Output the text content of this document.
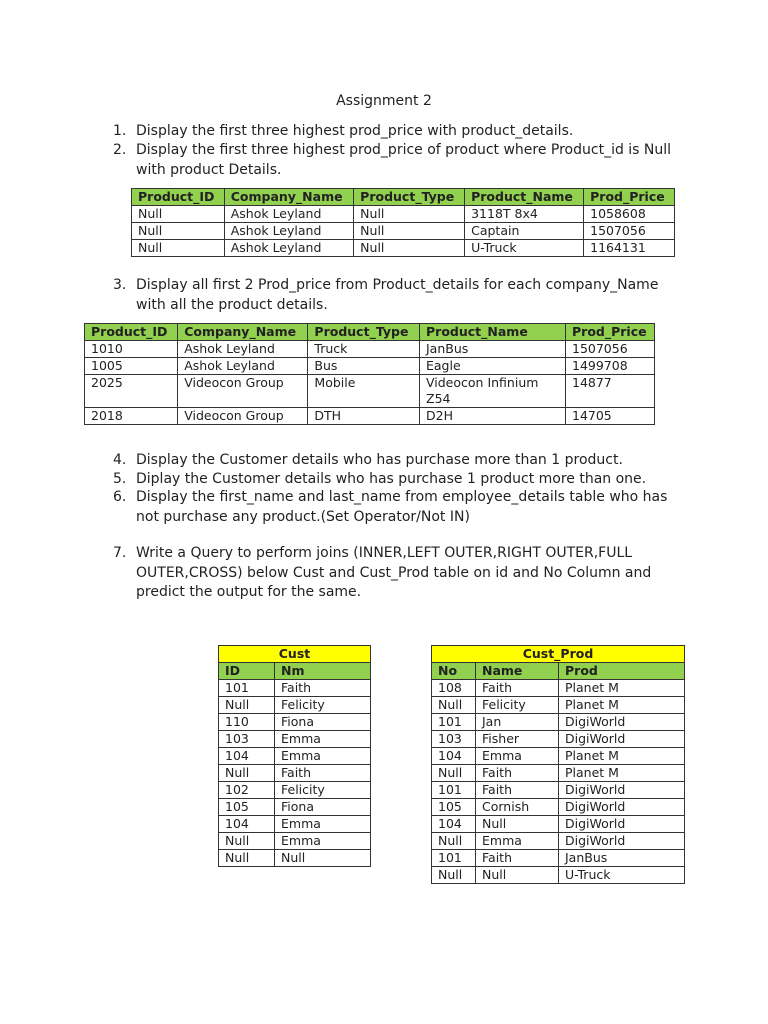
Assignment 2
1. Display the first three highest prod_price with product_details.
2. Display the first three highest prod_price of product where Product_id is Null with product Details.
Product_ID	Company_Name	Product_Type	Product_Name	Prod_Price
Null	Ashok Leyland	Null	3118T 8x4	1058608
Null	Ashok Leyland	Null	Captain	1507056
Null	Ashok Leyland	Null	U-Truck	1164131
3. Display all first 2 Prod_price from Product_details for each company_Name with all the product details.
Product_ID	Company_Name	Product_Type	Product_Name	Prod_Price
1010	Ashok Leyland	Truck	JanBus	1507056
1005	Ashok Leyland	Bus	Eagle	1499708
2025	Videocon Group	Mobile	Videocon Infinium Z54	14877
2018	Videocon Group	DTH	D2H	14705
4. Display the Customer details who has purchase more than 1 product.
5. Diplay the Customer details who has purchase 1 product more than one.
6. Display the first_name and last_name from employee_details table who has not purchase any product.(Set Operator/Not IN)
7. Write a Query to perform joins (INNER,LEFT OUTER,RIGHT OUTER,FULL OUTER,CROSS) below Cust and Cust_Prod table on id and No Column and predict the output for the same.
Cust	
ID	Nm
101	Faith
Null	Felicity
110	Fiona
103	Emma
104	Emma
Null	Faith
102	Felicity
105	Fiona
104	Emma
Null	Emma
Null	Null
Cust_Prod		
No	Name	Prod
108	Faith	Planet M
Null	Felicity	Planet M
101	Jan	DigiWorld
103	Fisher	DigiWorld
104	Emma	Planet M
Null	Faith	Planet M
101	Faith	DigiWorld
105	Cornish	DigiWorld
104	Null	DigiWorld
Null	Emma	DigiWorld
101	Faith	JanBus
Null	Null	U-Truck
